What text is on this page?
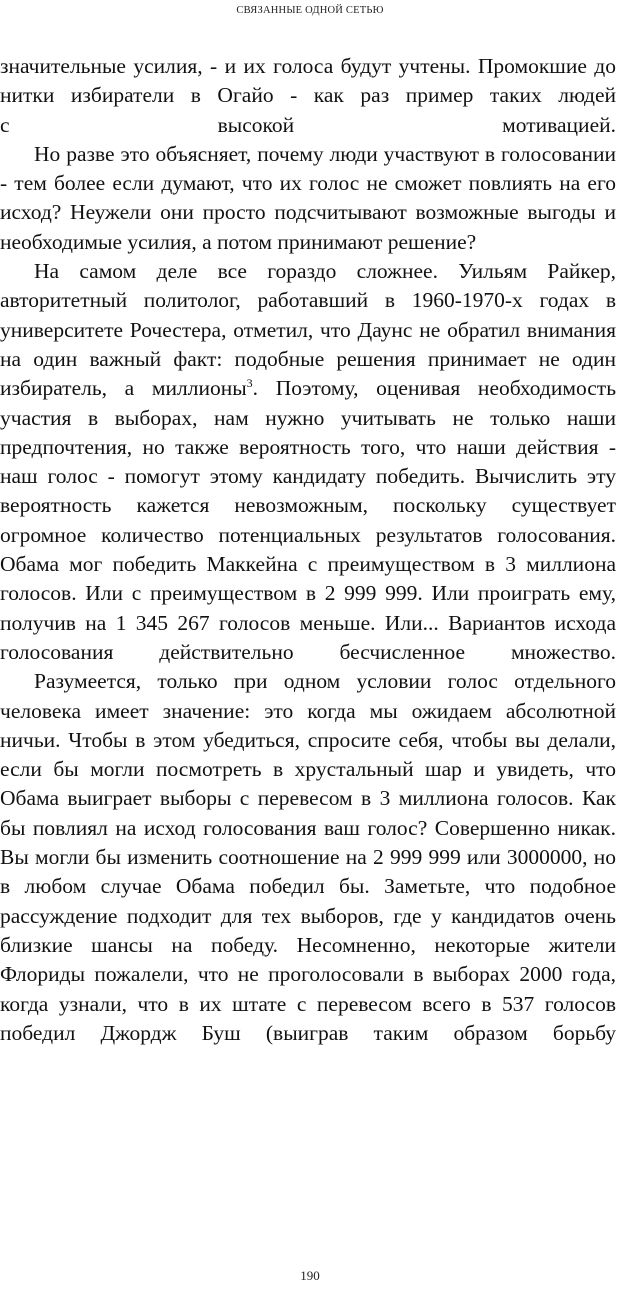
СВЯЗАННЫЕ ОДНОЙ СЕТЬЮ

значительные усилия, - и их голоса будут учтены. Промокшие до нитки избиратели в Огайо - как раз пример таких людей
с высокой мотивацией.

Но разве это объясняет, почему люди участвуют в голосовании - тем более если думают, что их голос не сможет повлиять на его исход? Неужели они просто подсчитывают возможные выгоды и необходимые усилия, а потом принимают решение?

На самом деле все гораздо сложнее. Уильям Райкер, авторитетный политолог, работавший в 1960-1970-х годах в университете Рочестера, отметил, что Даунс не обратил внимания на один важный факт: подобные решения принимает не один избиратель, а миллионы$^3$. Поэтому, оценивая необходимость участия в выборах, нам нужно учитывать не только наши предпочтения, но также вероятность того, что наши действия - наш голос - помогут этому кандидату победить. Вычислить эту вероятность кажется невозможным, поскольку существует огромное количество потенциальных результатов голосования. Обама мог победить Маккейна с преимуществом в 3 миллиона голосов. Или с преимуществом в 2 999 999. Или проиграть ему, получив на 1 345 267 голосов меньше. Или... Вариантов исхода
голосования действительно бесчисленное множество.

Разумеется, только при одном условии голос отдельного человека имеет значение: это когда мы ожидаем абсолютной ничьи. Чтобы в этом убедиться, спросите себя, чтобы вы делали, если бы могли посмотреть в хрустальный шар и увидеть, что Обама выиграет выборы с перевесом в 3 миллиона голосов. Как бы повлиял на исход голосования ваш голос? Совершенно никак. Вы могли бы изменить соотношение на 2 999 999 или 3000000, но в любом случае Обама победил бы. Заметьте, что подобное рассуждение подходит для тех выборов, где у кандидатов очень близкие шансы на победу. Несомненно, некоторые жители Флориды пожалели, что не проголосовали в выборах 2000 года, когда узнали, что в их штате с перевесом всего в 537 голосов победил Джордж Буш (выиграв таким образом борьбу

190
